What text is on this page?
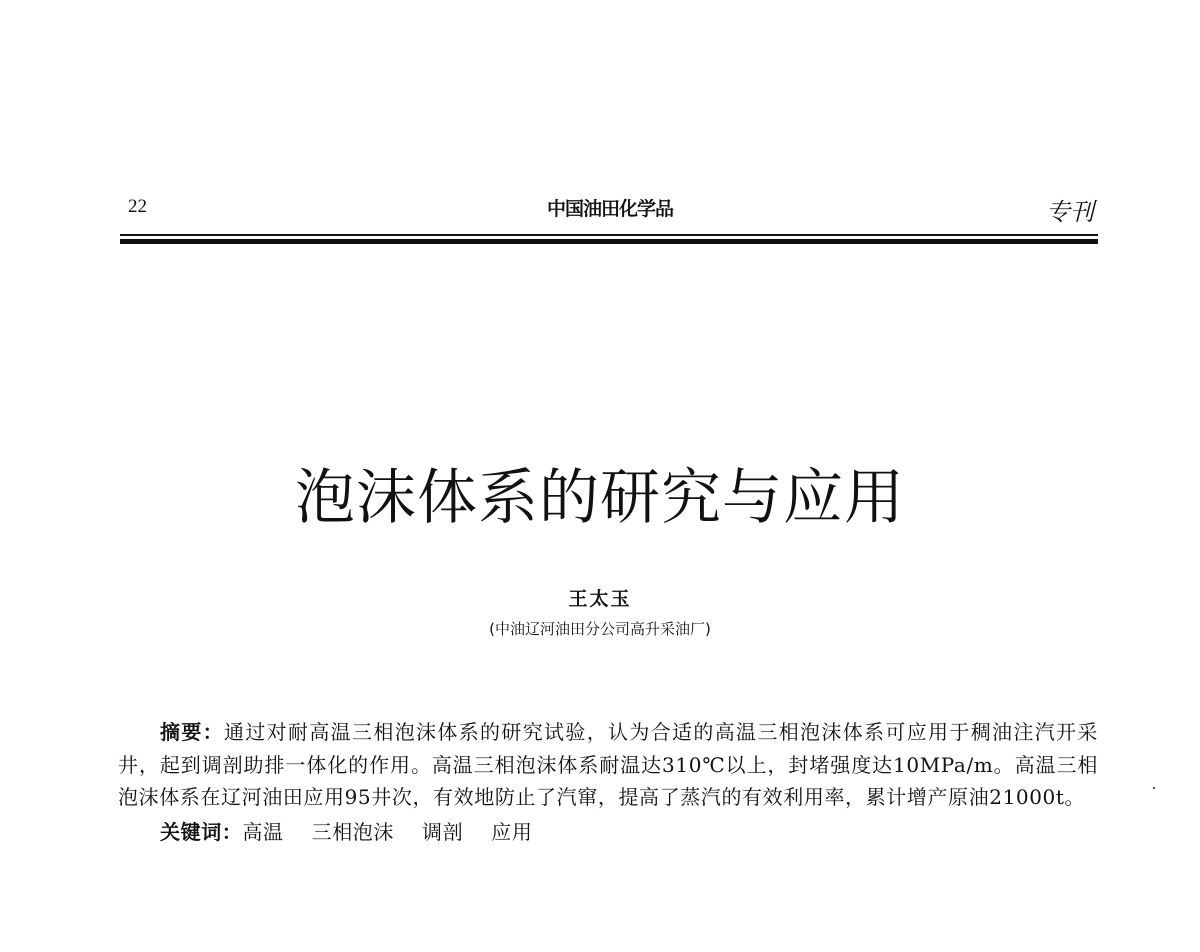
22	中国油田化学品	专刊
泡沫体系的研究与应用
王太玉
(中油辽河油田分公司高升采油厂)
摘要：通过对耐高温三相泡沫体系的研究试验，认为合适的高温三相泡沫体系可应用于稠油注汽开采井，起到调剖助排一体化的作用。高温三相泡沫体系耐温达310℃以上，封堵强度达10MPa/m。高温三相泡沫体系在辽河油田应用95井次，有效地防止了汽窜，提高了蒸汽的有效利用率，累计增产原油21000t。
关键词：高温 三相泡沫 调剖 应用
